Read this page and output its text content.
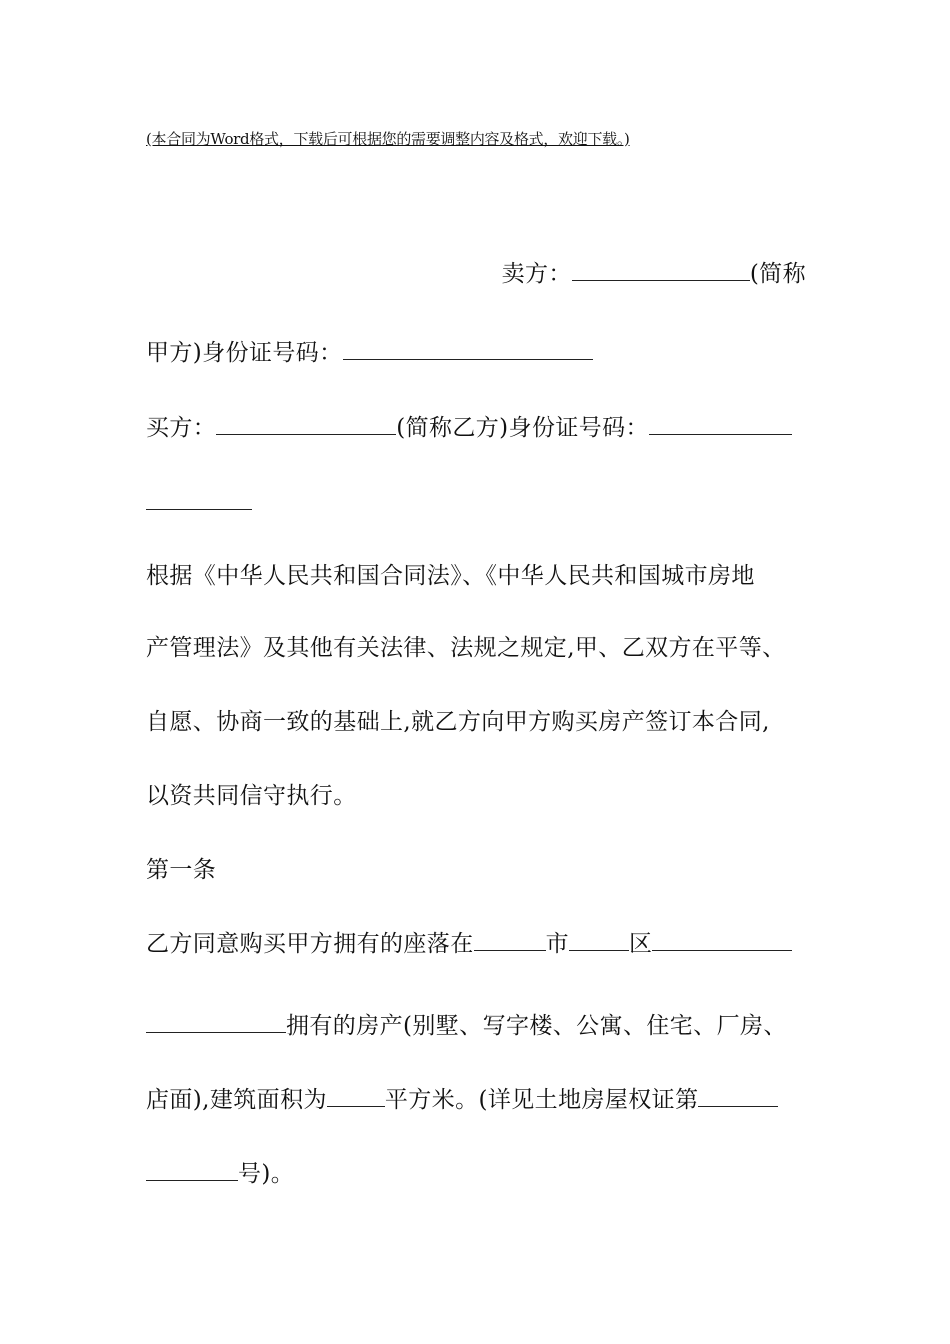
(本合同为Word格式，下载后可根据您的需要调整内容及格式，欢迎下载。)
卖方：	(简称
甲方)身份证号码：
买方：	(简称乙方)身份证号码：
根据《中华人民共和国合同法》、《中华人民共和国城市房地
产管理法》及其他有关法律、法规之规定,甲、乙双方在平等、
自愿、协商一致的基础上,就乙方向甲方购买房产签订本合同,
以资共同信守执行。
第一条
乙方同意购买甲方拥有的座落在	市	区
拥有的房产(别墅、写字楼、公寓、住宅、厂房、
店面),建筑面积为	平方米。(详见土地房屋权证第
号)。
